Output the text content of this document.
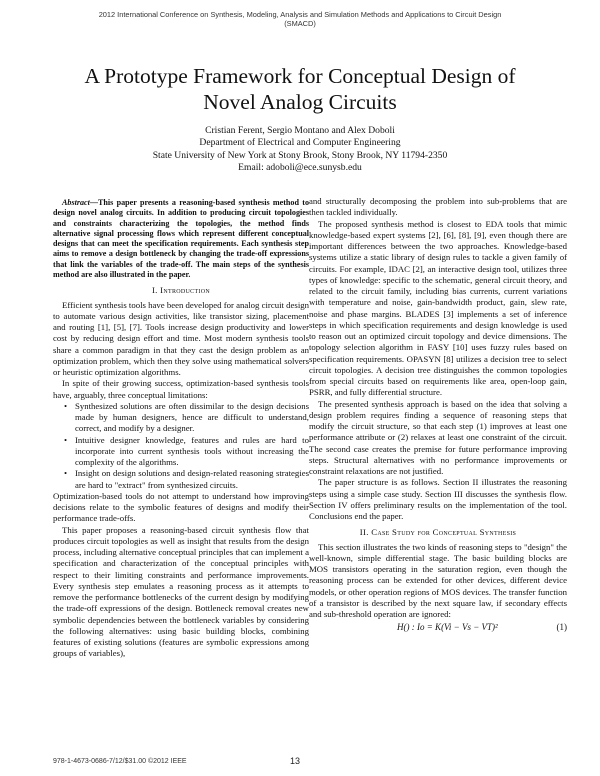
2012 International Conference on Synthesis, Modeling, Analysis and Simulation Methods and Applications to Circuit Design
(SMACD)
A Prototype Framework for Conceptual Design of
Novel Analog Circuits
Cristian Ferent, Sergio Montano and Alex Doboli
Department of Electrical and Computer Engineering
State University of New York at Stony Brook, Stony Brook, NY 11794-2350
Email: adoboli@ece.sunysb.edu

Abstract—This paper presents a reasoning-based synthesis method to design novel analog circuits. In addition to producing circuit topologies and constraints characterizing the topologies, the method finds alternative signal processing flows which represent different conceptual designs that can meet the specification requirements. Each synthesis step aims to remove a design bottleneck by changing the trade-off expressions that link the variables of the trade-off. The main steps of the synthesis method are also illustrated in the paper.

I. Introduction

Efficient synthesis tools have been developed for analog circuit design to automate various design activities, like transistor sizing, placement and routing [1], [5], [7]. Tools increase design productivity and lower cost by reducing design effort and time. Most modern synthesis tools share a common paradigm in that they cast the design problem as an optimization problem, which then they solve using mathematical solvers or heuristic optimization algorithms.

In spite of their growing success, optimization-based synthesis tools have, arguably, three conceptual limitations:

• Synthesized solutions are often dissimilar to the design decisions made by human designers, hence are difficult to understand, correct, and modify by a designer.
• Intuitive designer knowledge, features and rules are hard to incorporate into current synthesis tools without increasing the complexity of the algorithms.
• Insight on design solutions and design-related reasoning strategies are hard to "extract" from synthesized circuits.

Optimization-based tools do not attempt to understand how improving decisions relate to the symbolic features of designs and modify their performance trade-offs.

This paper proposes a reasoning-based circuit synthesis flow that produces circuit topologies as well as insight that results from the design process, including alternative conceptual principles that can implement a specification and characterization of the conceptual principles with respect to their limiting constraints and performance improvements. Every synthesis step emulates a reasoning process as it attempts to remove the performance bottlenecks of the current design by modifying the trade-off expressions of the design. Bottleneck removal creates new symbolic dependencies between the bottleneck variables by considering the following alternatives: using basic building blocks, combining features of existing solutions (features are symbolic expressions among groups of variables),

and structurally decomposing the problem into sub-problems that are then tackled individually.

The proposed synthesis method is closest to EDA tools that mimic knowledge-based expert systems [2], [6], [8], [9], even though there are important differences between the two approaches. Knowledge-based systems utilize a static library of design rules to tackle a given family of circuits. For example, IDAC [2], an interactive design tool, utilizes three types of knowledge: specific to the schematic, general circuit theory, and related to the circuit family, including bias currents, current variations with temperature and noise, gain-bandwidth product, gain, slew rate, noise and phase margins. BLADES [3] implements a set of inference steps in which specification requirements and design knowledge is used to reason out an optimized circuit topology and device dimensions. The topology selection algorithm in FASY [10] uses fuzzy rules based on specification requirements. OPASYN [8] utilizes a decision tree to select circuit topologies. A decision tree distinguishes the common topologies from special circuits based on requirements like area, open-loop gain, PSRR, and fully differential structure.

The presented synthesis approach is based on the idea that solving a design problem requires finding a sequence of reasoning steps that modify the circuit structure, so that each step (1) improves at least one performance attribute or (2) relaxes at least one constraint of the circuit. The second case creates the premise for future performance improving steps. Structural alternatives with no performance improvements or constraint relaxations are not justified.

The paper structure is as follows. Section II illustrates the reasoning steps using a simple case study. Section III discusses the synthesis flow. Section IV offers preliminary results on the implementation of the tool. Conclusions end the paper.

II. Case Study for Conceptual Synthesis

This section illustrates the two kinds of reasoning steps to "design" the well-known, simple differential stage. The basic building blocks are MOS transistors operating in the saturation region, even though the reasoning process can be extended for other devices, different device models, or other operation regions of MOS devices. The transfer function of a transistor is described by the next square law, if secondary effects and sub-threshold operation are ignored:

H() : Io = K(Vi − Vs − VT)²	(1)
978-1-4673-0686-7/12/$31.00 ©2012 IEEE	13
